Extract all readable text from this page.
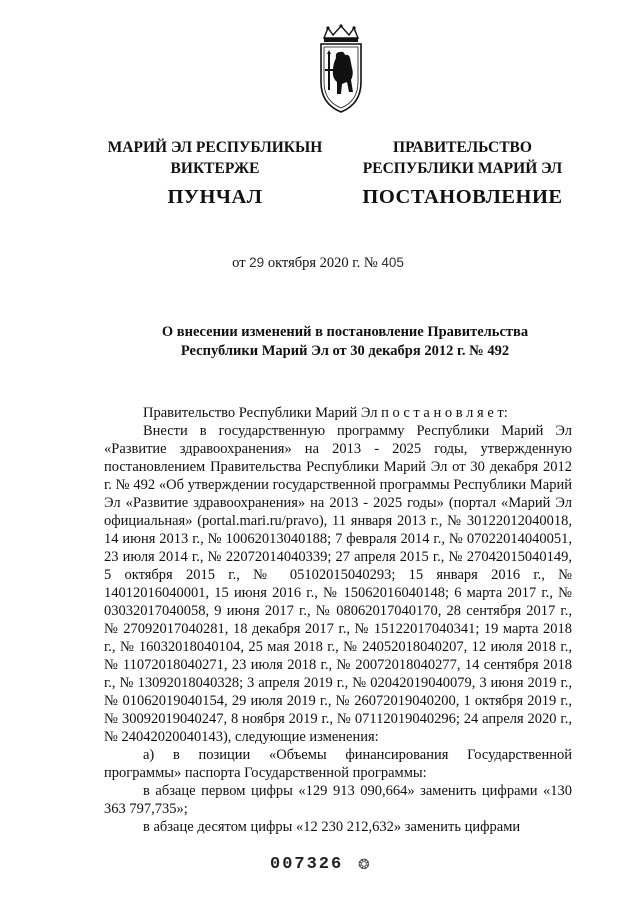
МАРИЙ ЭЛ РЕСПУБЛИКЫН
ВИКТЕРЖЕ
ПУНЧАЛ
ПРАВИТЕЛЬСТВО
РЕСПУБЛИКИ МАРИЙ ЭЛ
ПОСТАНОВЛЕНИЕ
от 29 октября 2020 г. № 405
О внесении изменений в постановление Правительства
Республики Марий Эл от 30 декабря 2012 г. № 492

Правительство Республики Марий Эл п о с т а н о в л я е т:

Внести в государственную программу Республики Марий Эл «Развитие здравоохранения» на 2013 - 2025 годы, утвержденную постановлением Правительства Республики Марий Эл от 30 декабря 2012 г. № 492 «Об утверждении государственной программы Республики Марий Эл «Развитие здравоохранения» на 2013 - 2025 годы» (портал «Марий Эл официальная» (portal.mari.ru/pravo), 11 января 2013 г., № 30122012040018, 14 июня 2013 г., № 10062013040188; 7 февраля 2014 г., № 07022014040051, 23 июля 2014 г., № 22072014040339; 27 апреля 2015 г., № 27042015040149, 5 октября 2015 г., № 05102015040293; 15 января 2016 г., № 14012016040001, 15 июня 2016 г., № 15062016040148; 6 марта 2017 г., № 03032017040058, 9 июня 2017 г., № 08062017040170, 28 сентября 2017 г., № 27092017040281, 18 декабря 2017 г., № 15122017040341; 19 марта 2018 г., № 16032018040104, 25 мая 2018 г., № 24052018040207, 12 июля 2018 г., № 11072018040271, 23 июля 2018 г., № 20072018040277, 14 сентября 2018 г., № 13092018040328; 3 апреля 2019 г., № 02042019040079, 3 июня 2019 г., № 01062019040154, 29 июля 2019 г., № 26072019040200, 1 октября 2019 г., № 30092019040247, 8 ноября 2019 г., № 07112019040296; 24 апреля 2020 г., № 24042020040143), следующие изменения:

а) в позиции «Объемы финансирования Государственной программы» паспорта Государственной программы:

в абзаце первом цифры «129 913 090,664» заменить цифрами «130 363 797,735»;

в абзаце десятом цифры «12 230 212,632» заменить цифрами

007326 ❂
